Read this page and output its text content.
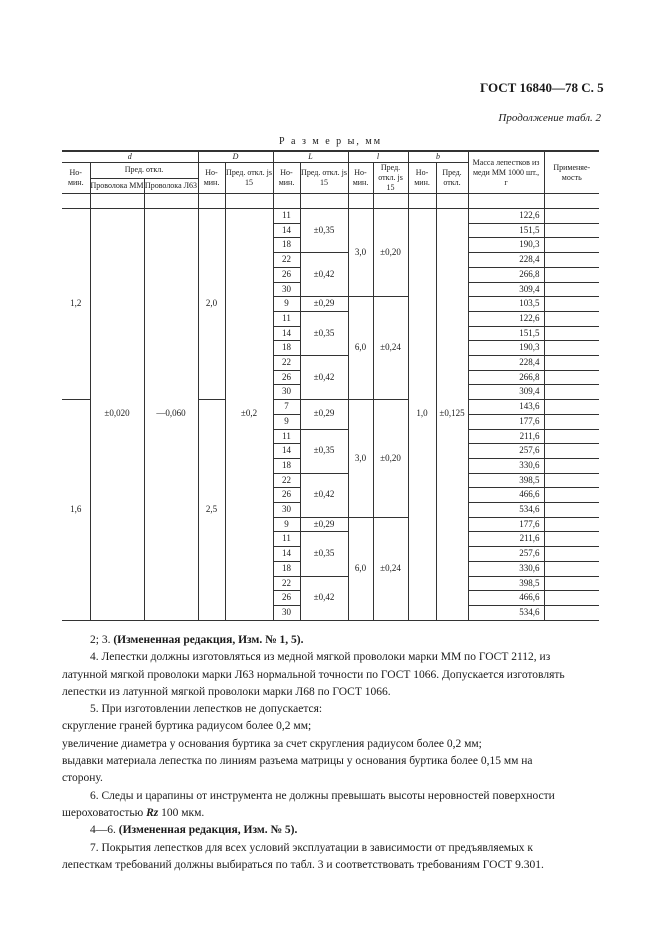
ГОСТ 16840—78 С. 5
Продолжение табл. 2
Р а з м е р ы, мм
d			D		L		l		b		Масса лепестков из меди ММ 1000 шт., г	Применяе-мость
Но-мин.	Пред. откл.		Но-мин.	Пред. откл. js 15	Но-мин.	Пред. откл. js 15	Но-мин.	Пред. откл. js 15	Но-мин.	Пред. откл.		
	Проволока ММ	Проволока Л63										

1,2	±0,020	—0,060	2,0	±0,2	11	±0,35	3,0	±0,20	1,0	±0,125	122,6	
					14						151,5	
					18						190,3	
					22	±0,42					228,4	
					26						266,8	
					30						309,4	
					9	±0,29	6,0	±0,24			103,5	
					11	±0,35					122,6	
					14						151,5	
					18						190,3	
					22	±0,42					228,4	
					26						266,8	
					30						309,4	
1,6			2,5		7	±0,29	3,0	±0,20			143,6	
					9						177,6	
					11	±0,35					211,6	
					14						257,6	
					18						330,6	
					22	±0,42					398,5	
					26						466,6	
					30						534,6	
					9	±0,29	6,0	±0,24			177,6	
					11	±0,35					211,6	
					14						257,6	
					18						330,6	
					22	±0,42					398,5	
					26						466,6	
					30						534,6	

2; 3. (Измененная редакция, Изм. № 1, 5).

4. Лепестки должны изготовляться из медной мягкой проволоки марки ММ по ГОСТ 2112, из

латунной мягкой проволоки марки Л63 нормальной точности по ГОСТ 1066. Допускается изготовлять

лепестки из латунной мягкой проволоки марки Л68 по ГОСТ 1066.

5. При изготовлении лепестков не допускается:

скругление граней буртика радиусом более 0,2 мм;

увеличение диаметра у основания буртика за счет скругления радиусом более 0,2 мм;

выдавки материала лепестка по линиям разъема матрицы у основания буртика более 0,15 мм на

сторону.

6. Следы и царапины от инструмента не должны превышать высоты неровностей поверхности

шероховатостью Rz 100 мкм.

4—6. (Измененная редакция, Изм. № 5).

7. Покрытия лепестков для всех условий эксплуатации в зависимости от предъявляемых к

лепесткам требований должны выбираться по табл. 3 и соответствовать требованиям ГОСТ 9.301.
